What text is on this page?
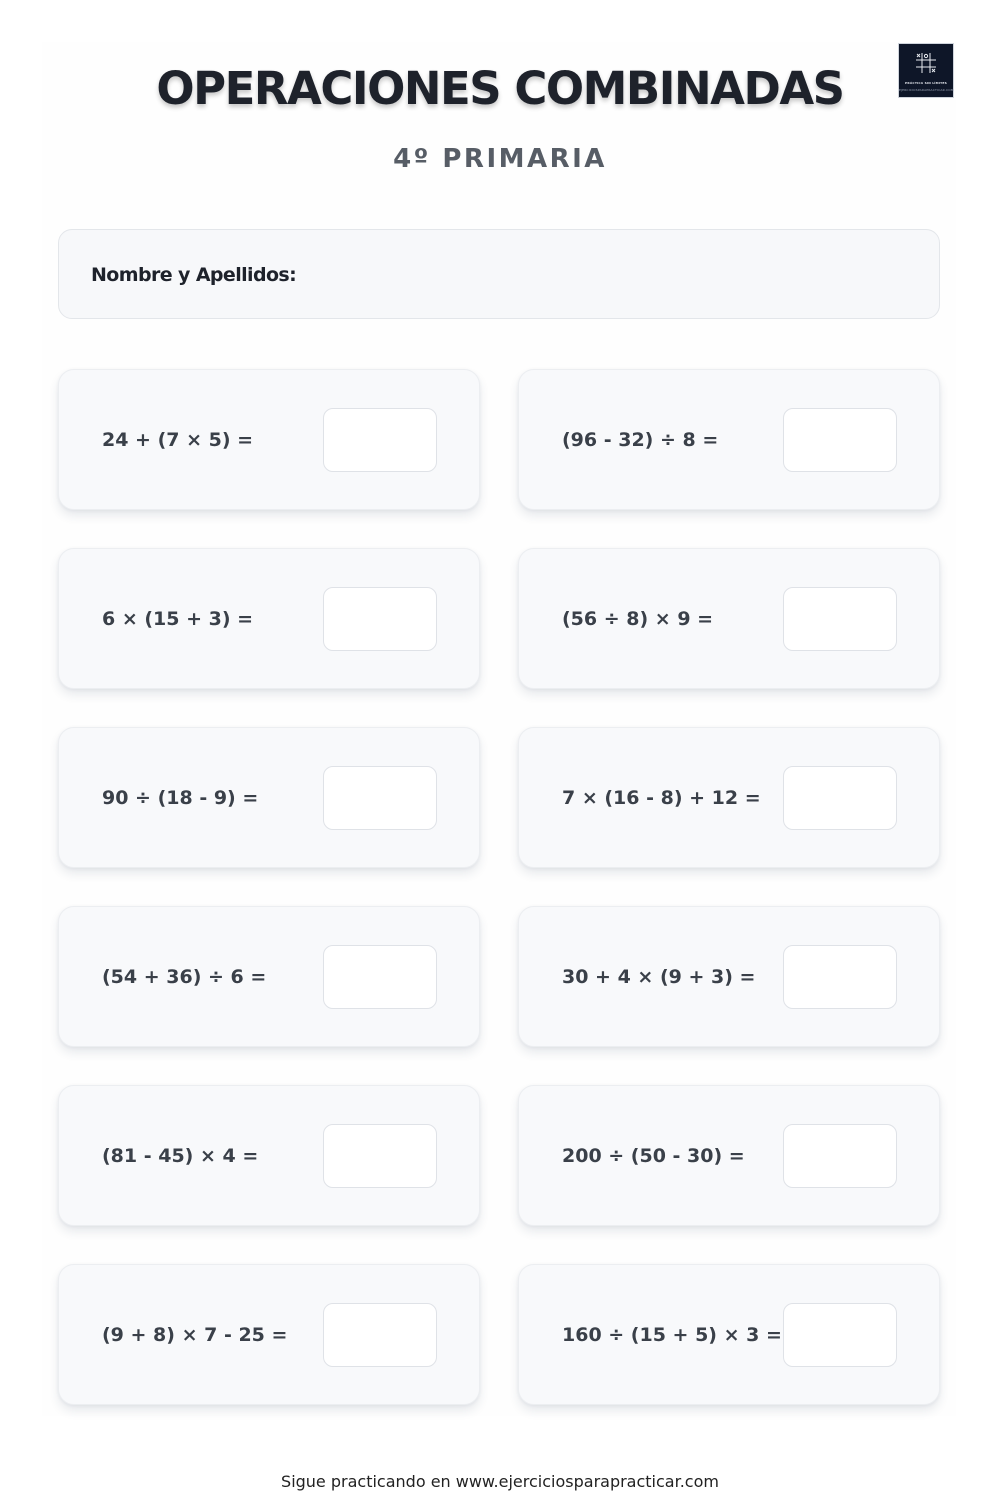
OPERACIONES COMBINADAS
4º PRIMARIA
PRÁCTICA SIN LÍMITES
EJERCICIOSPARAPRACTICAR.COM
Nombre y Apellidos:
24 + (7 × 5) =	(96 - 32) ÷ 8 =
6 × (15 + 3) =	(56 ÷ 8) × 9 =
90 ÷ (18 - 9) =	7 × (16 - 8) + 12 =
(54 + 36) ÷ 6 =	30 + 4 × (9 + 3) =
(81 - 45) × 4 =	200 ÷ (50 - 30) =
(9 + 8) × 7 - 25 =	160 ÷ (15 + 5) × 3 =

Sigue practicando en www.ejerciciosparapracticar.com
